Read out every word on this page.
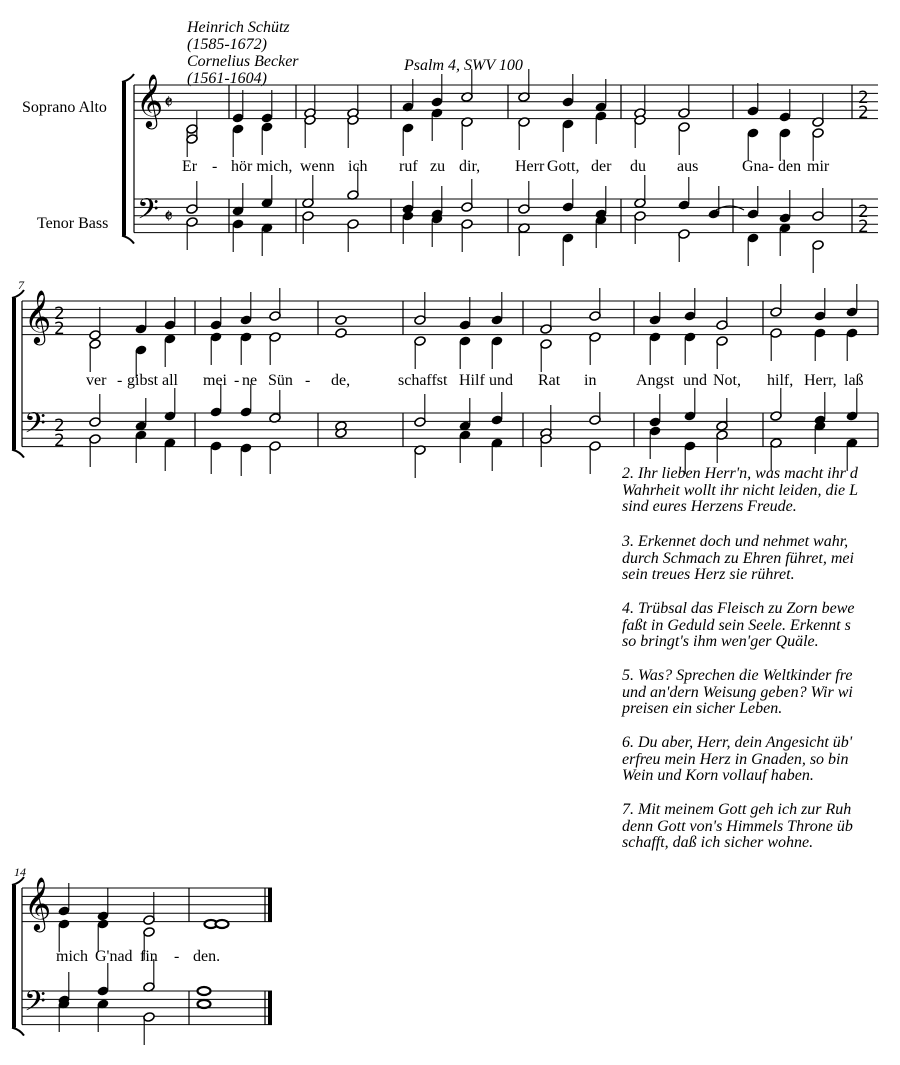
Heinrich Schütz
(1585-1672)
Cornelius Becker
(1561-1604)
Psalm 4, SWV 100
Soprano Alto
Tenor Bass
7
14
Er - hör mich, wenn ich ruf zu dir, Herr Gott, der du aus	Gna- den mir
ver - gibst all mei - ne Sün - de,	schaffst Hilf und Rat in Angst und Not, hilf, Herr, laß
mich G'nad fin - den.
2. Ihr lieben Herr'n, was macht ihr d
Wahrheit wollt ihr nicht leiden, die L
sind eures Herzens Freude.
3. Erkennet doch und nehmet wahr,
durch Schmach zu Ehren führet, mei
sein treues Herz sie rühret.
4. Trübsal das Fleisch zu Zorn bewe
faßt in Geduld sein Seele. Erkennt s
so bringt's ihm wen'ger Quäle.
5. Was? Sprechen die Weltkinder fre
und an'dern Weisung geben? Wir wi
preisen ein sicher Leben.
6. Du aber, Herr, dein Angesicht üb'
erfreu mein Herz in Gnaden, so bin
Wein und Korn vollauf haben.
7. Mit meinem Gott geh ich zur Ruh
denn Gott von's Himmels Throne üb
schafft, daß ich sicher wohne.
𝄞
𝄢
𝄵
𝄵
2
2
2
2
𝄞
𝄢
2
2
2
2
𝄞
𝄢
